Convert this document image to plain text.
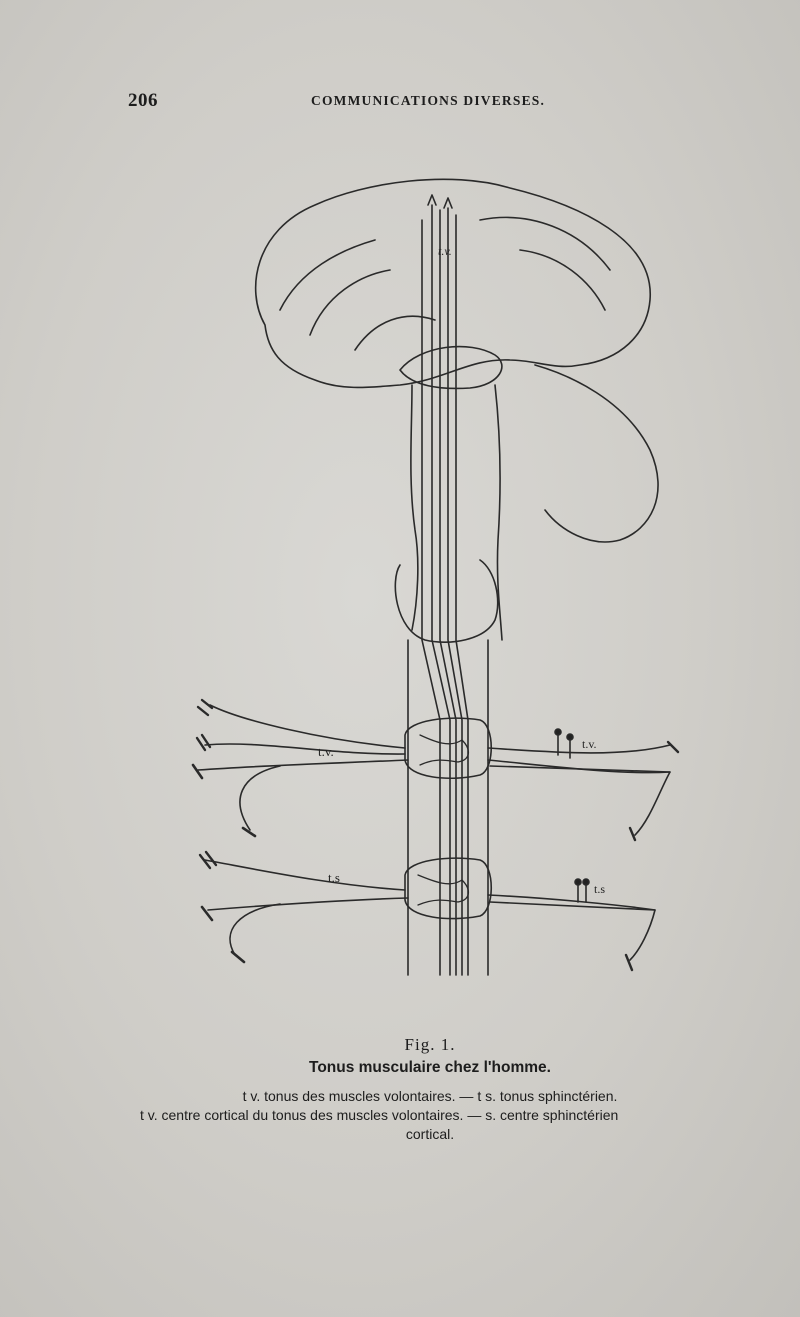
206	COMMUNICATIONS DIVERSES.
t.v.
t.v.	t.v.
t.s
t.s
Fig. 1.
Tonus musculaire chez l'homme.
t v. tonus des muscles volontaires. — t s. tonus sphinctérien.
t v. centre cortical du tonus des muscles volontaires. — s. centre sphinctérien
cortical.
